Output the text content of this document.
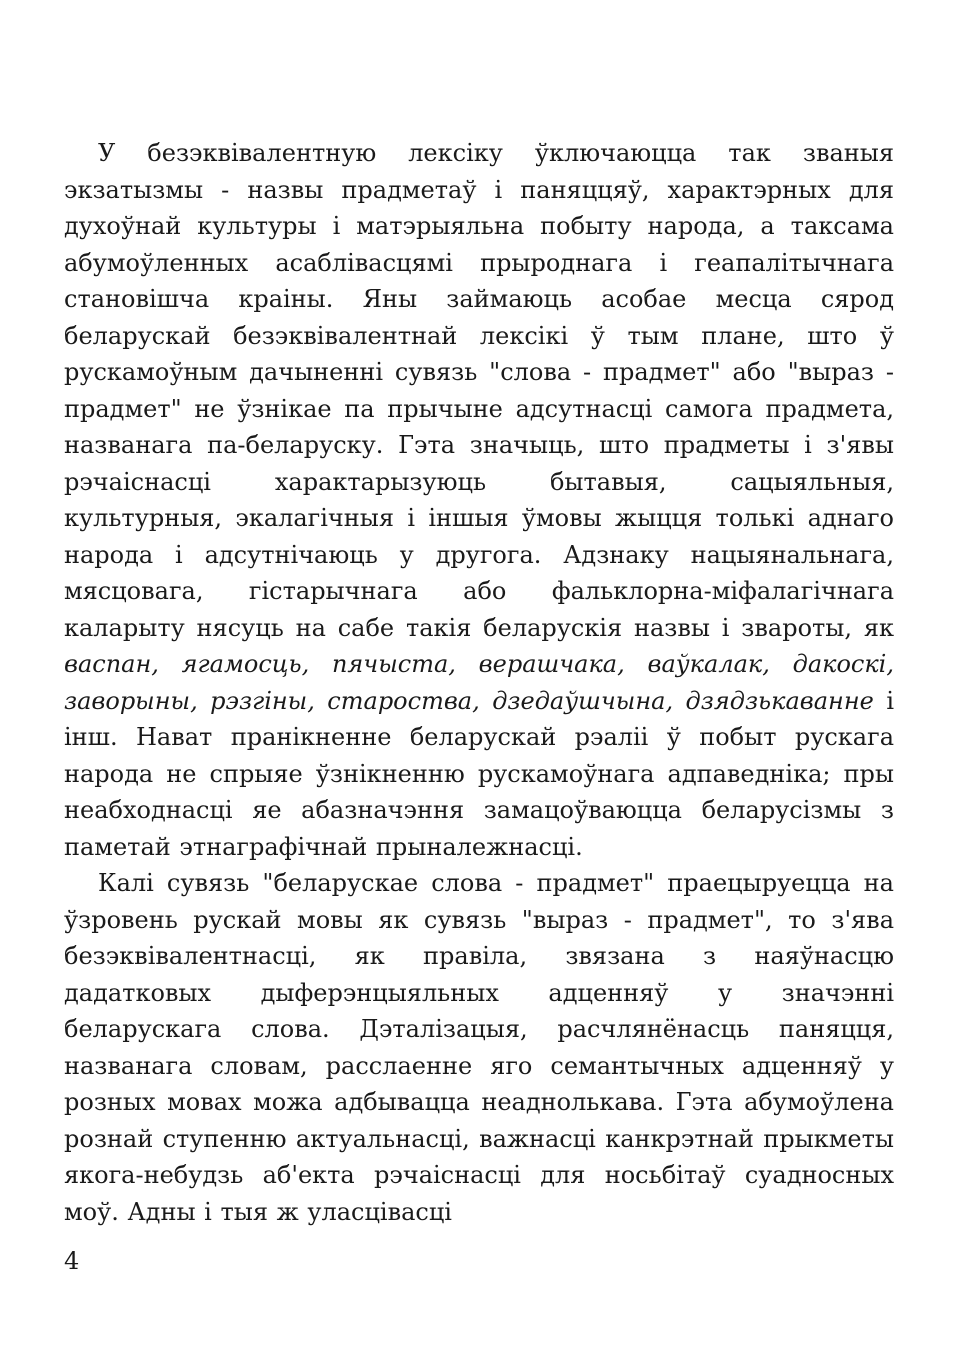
У безэквівалентную лексіку ўключаюцца так званыя экзатызмы - назвы прадметаў і паняццяў, характэрных для духоўнай культуры і матэрыяльна побыту народа, а таксама абумоўленных асаблівасцямі прыроднага і геапалітычнага становішча краіны. Яны займаюць асобае месца сярод беларускай безэквівалентнай лексікі ў тым плане, што ў рускамоўным дачыненні сувязь "слова - прадмет" або "выраз - прадмет" не ўзнікае па прычыне адсутнасці самога прадмета, названага па-беларуску. Гэта значыць, што прадметы і з'явы рэчаіснасці характарызуюць бытавыя, сацыяльныя, культурныя, экалагічныя і іншыя ўмовы жыцця толькі аднаго народа і адсутнічаюць у другога. Адзнаку нацыянальнага, мясцовага, гістарычнага або фальклорна-міфалагічнага каларыту нясуць на сабе такія беларускія назвы і звароты, як васпан, ягамосць, пячыста, верашчака, ваўкалак, дакоскі, заворыны, рэзгіны, староства, дзедаўшчына, дзядзькаванне і інш. Нават пранікненне беларускай рэаліі ў побыт рускага народа не спрыяе ўзнікненню рускамоўнага адпаведніка; пры неабходнасці яе абазначэння замацоўваюцца беларусізмы з паметай этнаграфічнай прыналежнасці.

Калі сувязь "беларускае слова - прадмет" праецыруецца на ўзровень рускай мовы як сувязь "выраз - прадмет", то з'ява безэквівалентнасці, як правіла, звязана з наяўнасцю дадатковых дыферэнцыяльных адценняў у значэнні беларускага слова. Дэталізацыя, расчлянёнасць паняцця, названага словам, расслаенне яго семантычных адценняў у розных мовах можа адбывацца неаднолькава. Гэта абумоўлена рознай ступенню актуальнасці, важнасці канкрэтнай прыкметы якога-небудзь аб'екта рэчаіснасці для носьбітаў суадносных моў. Адны і тыя ж уласцівасці

4
